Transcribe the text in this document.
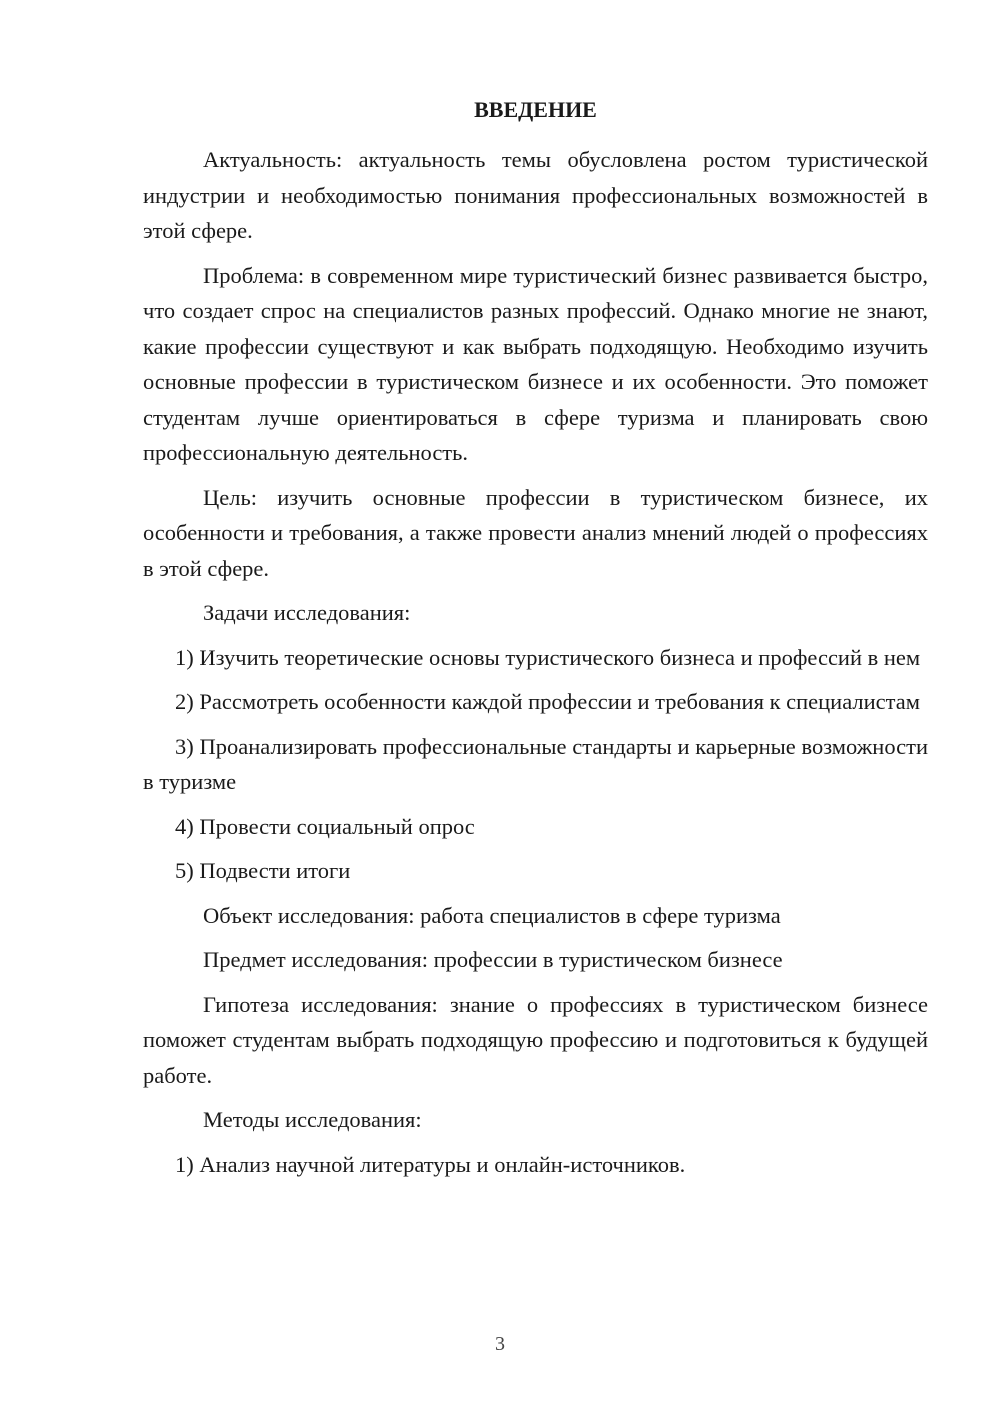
ВВЕДЕНИЕ

Актуальность: актуальность темы обусловлена ростом туристической индустрии и необходимостью понимания профессиональных возможностей в этой сфере.

Проблема: в современном мире туристический бизнес развивается быстро, что создает спрос на специалистов разных профессий. Однако многие не знают, какие профессии существуют и как выбрать подходящую. Необходимо изучить основные профессии в туристическом бизнесе и их особенности. Это поможет студентам лучше ориентироваться в сфере туризма и планировать свою профессиональную деятельность.

Цель: изучить основные профессии в туристическом бизнесе, их особенности и требования, а также провести анализ мнений людей о профессиях в этой сфере.

Задачи исследования:

1) Изучить теоретические основы туристического бизнеса и профессий в нем

2) Рассмотреть особенности каждой профессии и требования к специалистам

3) Проанализировать профессиональные стандарты и карьерные возможности в туризме

4) Провести социальный опрос

5) Подвести итоги

Объект исследования: работа специалистов в сфере туризма

Предмет исследования: профессии в туристическом бизнесе

Гипотеза исследования: знание о профессиях в туристическом бизнесе поможет студентам выбрать подходящую профессию и подготовиться к будущей работе.

Методы исследования:

1) Анализ научной литературы и онлайн-источников.

3
